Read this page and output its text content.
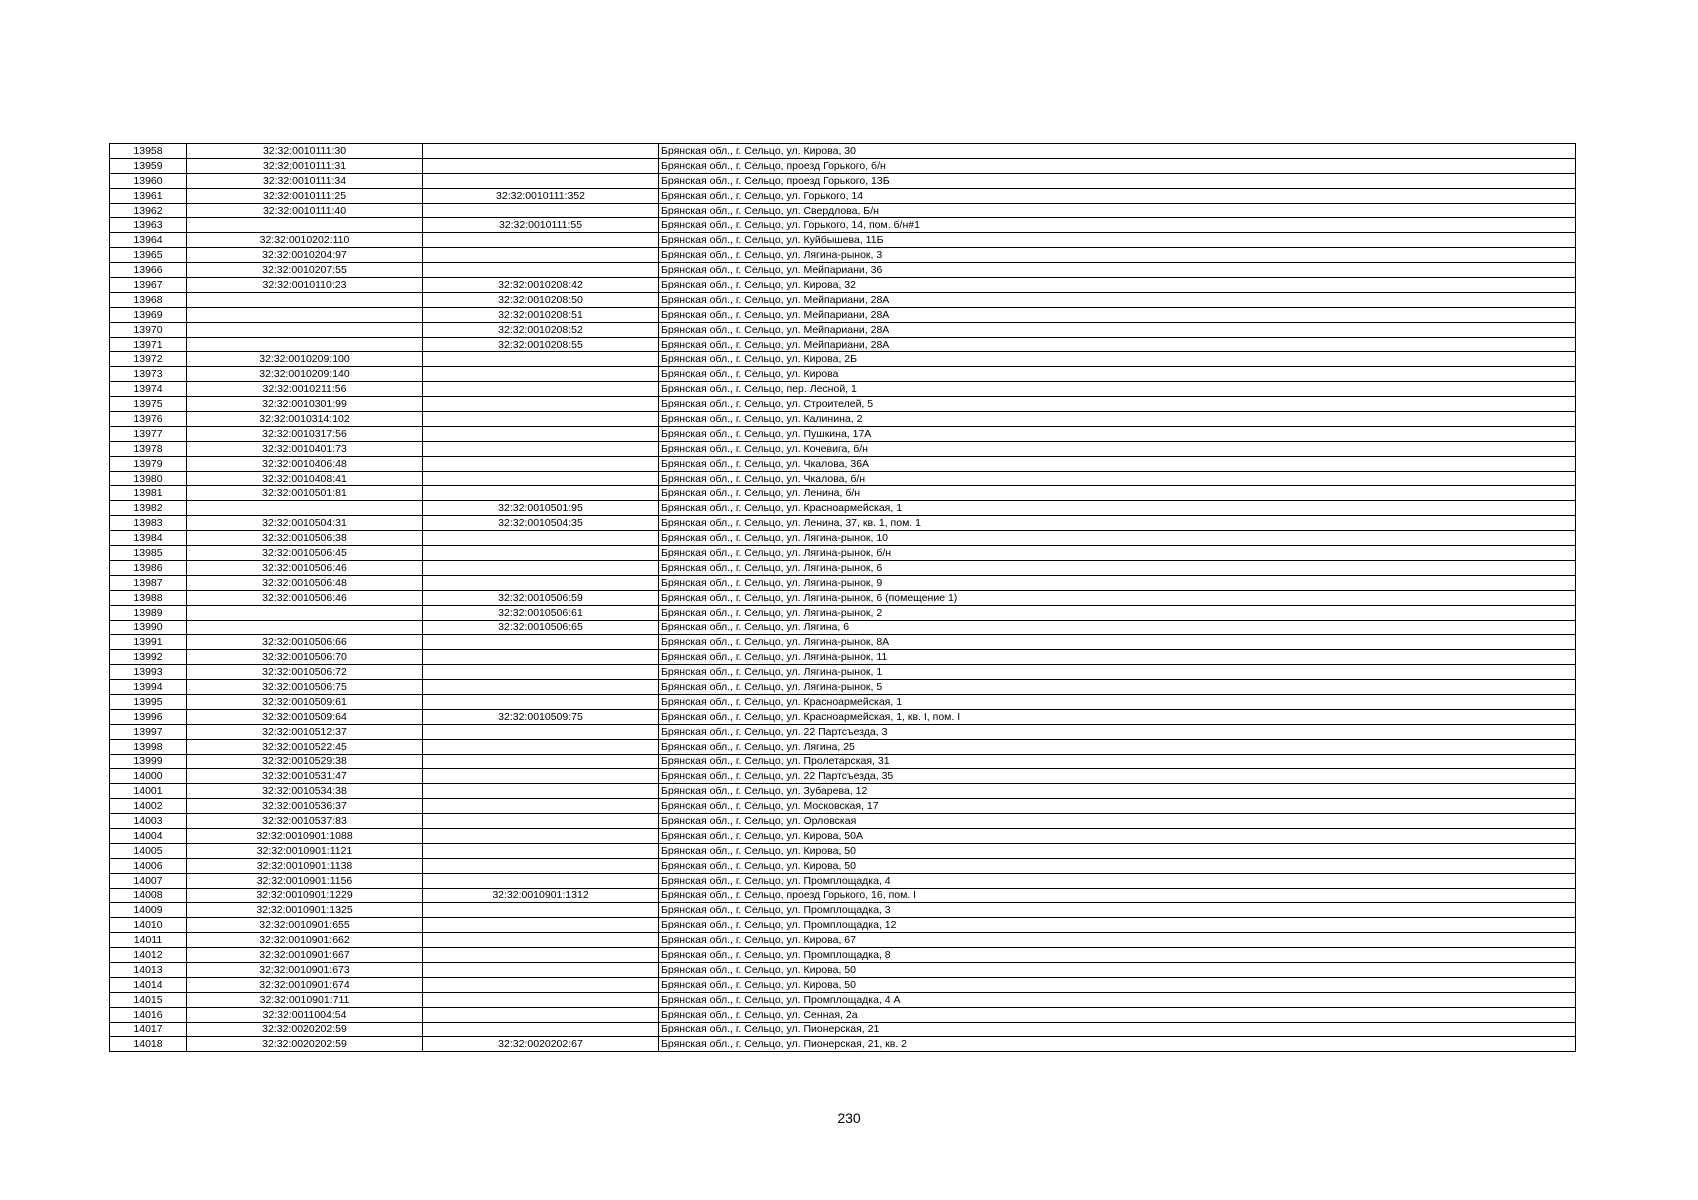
13958	32:32:0010111:30		Брянская обл., г. Сельцо, ул. Кирова, 30
13959	32:32:0010111:31		Брянская обл., г. Сельцо, проезд Горького, б/н
13960	32:32:0010111:34		Брянская обл., г. Сельцо, проезд Горького, 13Б
13961	32:32:0010111:25	32:32:0010111:352	Брянская обл., г. Сельцо, ул. Горького, 14
13962	32:32:0010111:40		Брянская обл., г. Сельцо, ул. Свердлова, Б/н
13963		32:32:0010111:55	Брянская обл., г. Сельцо, ул. Горького, 14, пом. б/н#1
13964	32:32:0010202:110		Брянская обл., г. Сельцо, ул. Куйбышева, 11Б
13965	32:32:0010204:97		Брянская обл., г. Сельцо, ул. Лягина-рынок, 3
13966	32:32:0010207:55		Брянская обл., г. Сельцо, ул. Мейпариани, 36
13967	32:32:0010110:23	32:32:0010208:42	Брянская обл., г. Сельцо, ул. Кирова, 32
13968		32:32:0010208:50	Брянская обл., г. Сельцо, ул. Мейпариани, 28А
13969		32:32:0010208:51	Брянская обл., г. Сельцо, ул. Мейпариани, 28А
13970		32:32:0010208:52	Брянская обл., г. Сельцо, ул. Мейпариани, 28А
13971		32:32:0010208:55	Брянская обл., г. Сельцо, ул. Мейпариани, 28А
13972	32:32:0010209:100		Брянская обл., г. Сельцо, ул. Кирова, 2Б
13973	32:32:0010209:140		Брянская обл., г. Сельцо, ул. Кирова
13974	32:32:0010211:56		Брянская обл., г. Сельцо, пер. Лесной, 1
13975	32:32:0010301:99		Брянская обл., г. Сельцо, ул. Строителей, 5
13976	32:32:0010314:102		Брянская обл., г. Сельцо, ул. Калинина, 2
13977	32:32:0010317:56		Брянская обл., г. Сельцо, ул. Пушкина, 17А
13978	32:32:0010401:73		Брянская обл., г. Сельцо, ул. Кочевига, б/н
13979	32:32:0010406:48		Брянская обл., г. Сельцо, ул. Чкалова, 36А
13980	32:32:0010408:41		Брянская обл., г. Сельцо, ул. Чкалова, б/н
13981	32:32:0010501:81		Брянская обл., г. Сельцо, ул. Ленина, б/н
13982		32:32:0010501:95	Брянская обл., г. Сельцо, ул. Красноармейская, 1
13983	32:32:0010504:31	32:32:0010504:35	Брянская обл., г. Сельцо, ул. Ленина, 37, кв. 1, пом. 1
13984	32:32:0010506:38		Брянская обл., г. Сельцо, ул. Лягина-рынок, 10
13985	32:32:0010506:45		Брянская обл., г. Сельцо, ул. Лягина-рынок, б/н
13986	32:32:0010506:46		Брянская обл., г. Сельцо, ул. Лягина-рынок, 6
13987	32:32:0010506:48		Брянская обл., г. Сельцо, ул. Лягина-рынок, 9
13988	32:32:0010506:46	32:32:0010506:59	Брянская обл., г. Сельцо, ул. Лягина-рынок, 6 (помещение 1)
13989		32:32:0010506:61	Брянская обл., г. Сельцо, ул. Лягина-рынок, 2
13990		32:32:0010506:65	Брянская обл., г. Сельцо, ул. Лягина, 6
13991	32:32:0010506:66		Брянская обл., г. Сельцо, ул. Лягина-рынок, 8А
13992	32:32:0010506:70		Брянская обл., г. Сельцо, ул. Лягина-рынок, 11
13993	32:32:0010506:72		Брянская обл., г. Сельцо, ул. Лягина-рынок, 1
13994	32:32:0010506:75		Брянская обл., г. Сельцо, ул. Лягина-рынок, 5
13995	32:32:0010509:61		Брянская обл., г. Сельцо, ул. Красноармейская, 1
13996	32:32:0010509:64	32:32:0010509:75	Брянская обл., г. Сельцо, ул. Красноармейская, 1, кв. I, пом. I
13997	32:32:0010512:37		Брянская обл., г. Сельцо, ул. 22 Партсъезда, 3
13998	32:32:0010522:45		Брянская обл., г. Сельцо, ул. Лягина, 25
13999	32:32:0010529:38		Брянская обл., г. Сельцо, ул. Пролетарская, 31
14000	32:32:0010531:47		Брянская обл., г. Сельцо, ул. 22 Партсъезда, 35
14001	32:32:0010534:38		Брянская обл., г. Сельцо, ул. Зубарева, 12
14002	32:32:0010536:37		Брянская обл., г. Сельцо, ул. Московская, 17
14003	32:32:0010537:83		Брянская обл., г. Сельцо, ул. Орловская
14004	32:32:0010901:1088		Брянская обл., г. Сельцо, ул. Кирова, 50А
14005	32:32:0010901:1121		Брянская обл., г. Сельцо, ул. Кирова, 50
14006	32:32:0010901:1138		Брянская обл., г. Сельцо, ул. Кирова, 50
14007	32:32:0010901:1156		Брянская обл., г. Сельцо, ул. Промплощадка, 4
14008	32:32:0010901:1229	32:32:0010901:1312	Брянская обл., г. Сельцо, проезд Горького, 16, пом. I
14009	32:32:0010901:1325		Брянская обл., г. Сельцо, ул. Промплощадка, 3
14010	32:32:0010901:655		Брянская обл., г. Сельцо, ул. Промплощадка, 12
14011	32:32:0010901:662		Брянская обл., г. Сельцо, ул. Кирова, 67
14012	32:32:0010901:667		Брянская обл., г. Сельцо, ул. Промплощадка, 8
14013	32:32:0010901:673		Брянская обл., г. Сельцо, ул. Кирова, 50
14014	32:32:0010901:674		Брянская обл., г. Сельцо, ул. Кирова, 50
14015	32:32:0010901:711		Брянская обл., г. Сельцо, ул. Промплощадка, 4 А
14016	32:32:0011004:54		Брянская обл., г. Сельцо, ул. Сенная, 2а
14017	32:32:0020202:59		Брянская обл., г. Сельцо, ул. Пионерская, 21
14018	32:32:0020202:59	32:32:0020202:67	Брянская обл., г. Сельцо, ул. Пионерская, 21, кв. 2
230
